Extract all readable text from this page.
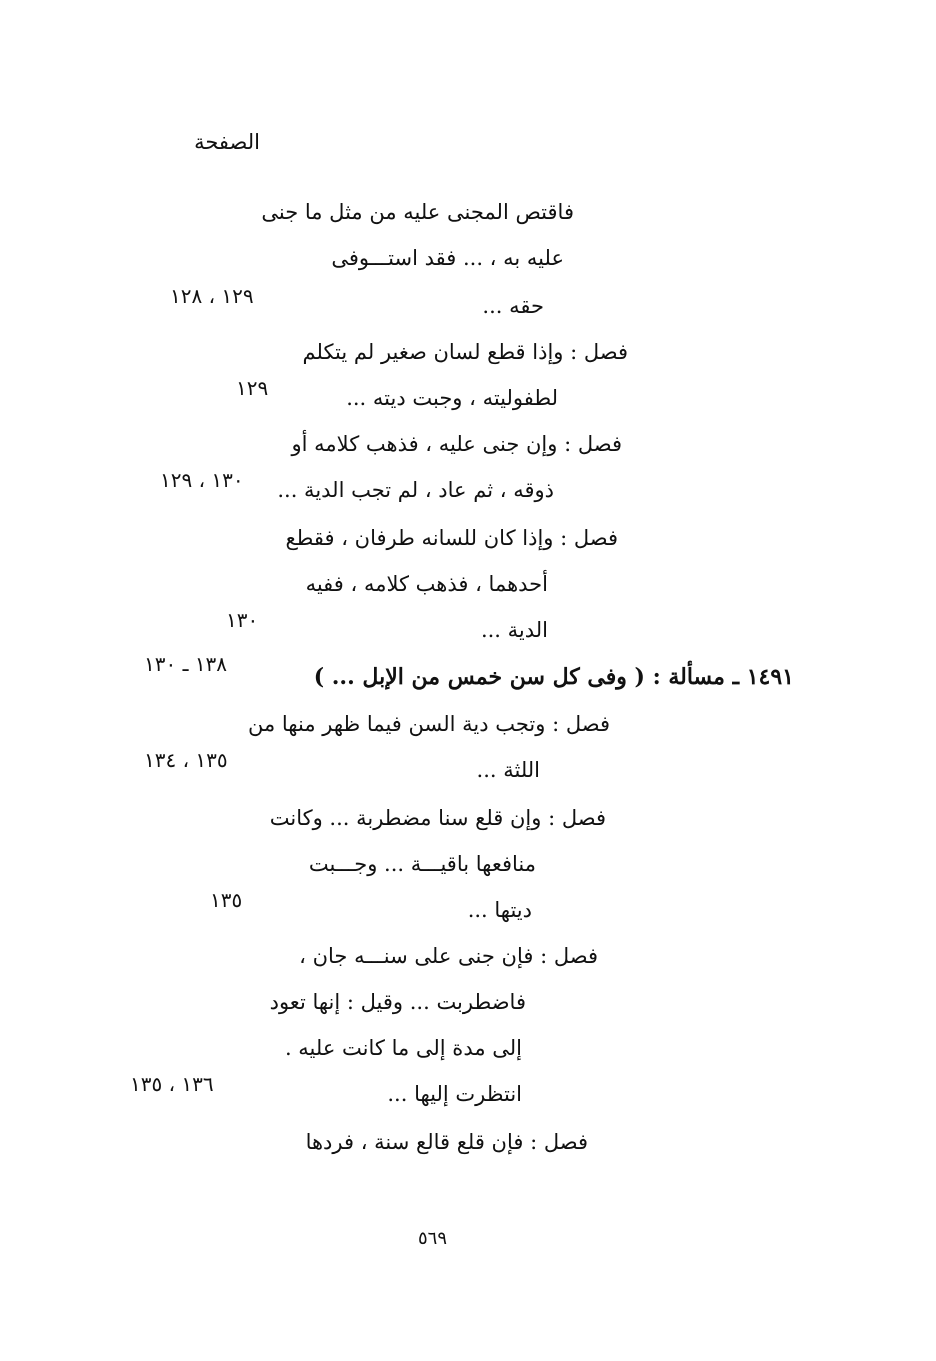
الصفحة
فاقتص المجنى عليه من مثل ما جنى
عليه به ، ... فقد استـــوفى
حقه ...
فصل : وإذا قطع لسان صغير لم يتكلم
لطفوليته ، وجبت ديته ...
فصل : وإن جنى عليه ، فذهب كلامه أو
ذوقه ، ثم عاد ، لم تجب الدية ...
فصل : وإذا كان للسانه طرفان ، فقطع
أحدهما ، فذهب كلامه ، ففيه
الدية ...
١٤٩١ ـ مسألة : ( وفى كل سن خمس من الإبل ... )
فصل : وتجب دية السن فيما ظهر منها من
اللثة ...
فصل : وإن قلع سنا مضطربة ... وكانت
منافعها باقيـــة ... وجـــبت
ديتها ...
فصل : فإن جنى على سنـــه جان ،
فاضطربت ... وقيل : إنها تعود
إلى مدة إلى ما كانت عليه .
انتظرت إليها ...
فصل : فإن قلع قالع سنة ، فردها
١٢٩ ، ١٢٨
١٢٩
١٣٠ ، ١٢٩
١٣٠
١٣٨ ـ ١٣٠
١٣٥ ، ١٣٤
١٣٥
١٣٦ ، ١٣٥
٥٦٩
